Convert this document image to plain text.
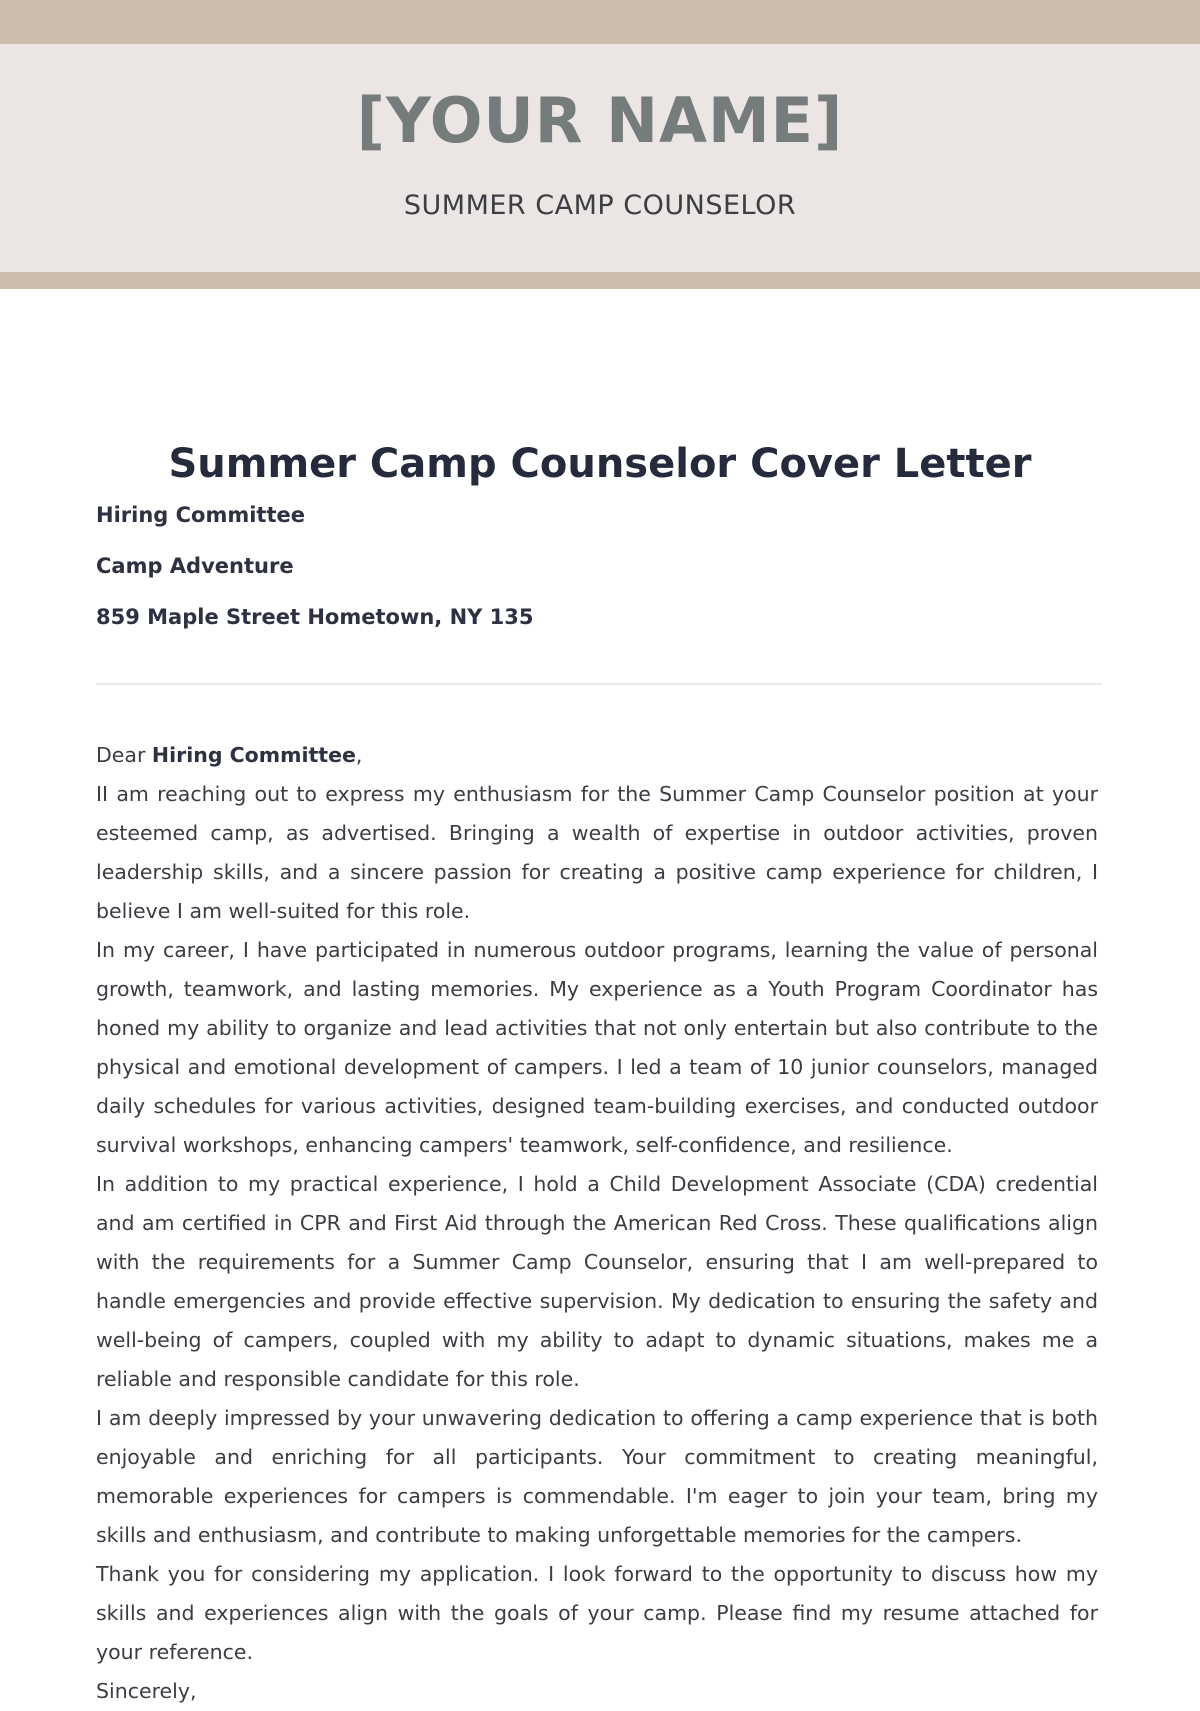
[YOUR NAME]
SUMMER CAMP COUNSELOR
Summer Camp Counselor Cover Letter
Hiring Committee
Camp Adventure
859 Maple Street Hometown, NY 135

Dear Hiring Committee,

II am reaching out to express my enthusiasm for the Summer Camp Counselor position at your esteemed camp, as advertised. Bringing a wealth of expertise in outdoor activities, proven leadership skills, and a sincere passion for creating a positive camp experience for children, I believe I am well-suited for this role.

In my career, I have participated in numerous outdoor programs, learning the value of personal growth, teamwork, and lasting memories. My experience as a Youth Program Coordinator has honed my ability to organize and lead activities that not only entertain but also contribute to the physical and emotional development of campers. I led a team of 10 junior counselors, managed daily schedules for various activities, designed team-building exercises, and conducted outdoor survival workshops, enhancing campers' teamwork, self-confidence, and resilience.

In addition to my practical experience, I hold a Child Development Associate (CDA) credential and am certified in CPR and First Aid through the American Red Cross. These qualifications align with the requirements for a Summer Camp Counselor, ensuring that I am well-prepared to handle emergencies and provide effective supervision. My dedication to ensuring the safety and well-being of campers, coupled with my ability to adapt to dynamic situations, makes me a reliable and responsible candidate for this role.

I am deeply impressed by your unwavering dedication to offering a camp experience that is both enjoyable and enriching for all participants. Your commitment to creating meaningful, memorable experiences for campers is commendable. I'm eager to join your team, bring my skills and enthusiasm, and contribute to making unforgettable memories for the campers.

Thank you for considering my application. I look forward to the opportunity to discuss how my skills and experiences align with the goals of your camp. Please find my resume attached for your reference.

Sincerely,
